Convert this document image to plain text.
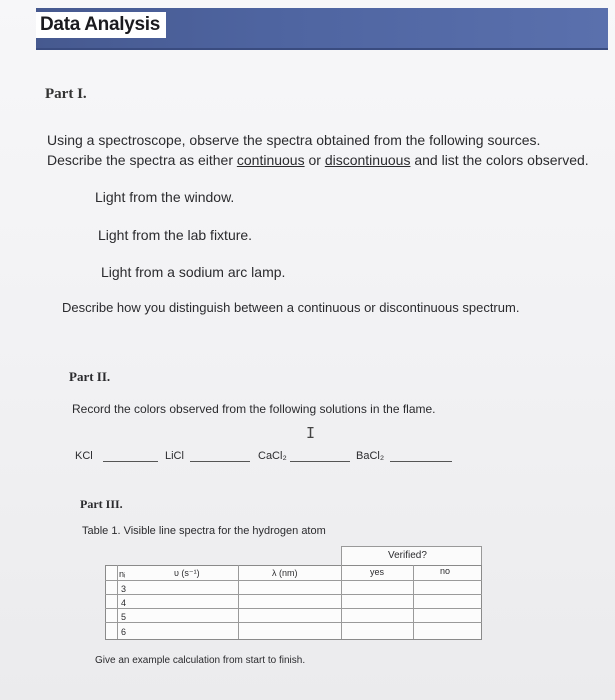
Data Analysis
Part I.
Using a spectroscope, observe the spectra obtained from the following sources.
Describe the spectra as either continuous or discontinuous and list the colors observed.
Light from the window.
Light from the lab fixture.
Light from a sodium arc lamp.
Describe how you distinguish between a continuous or discontinuous spectrum.
Part II.
Record the colors observed from the following solutions in the flame.
I
KCl	LiCl	CaCl₂	BaCl₂
Part III.
Table 1. Visible line spectra for the hydrogen atom
Verified?
nᵢ	υ (s⁻¹)	λ (nm)	yes	no
3
4
5
6
Give an example calculation from start to finish.
